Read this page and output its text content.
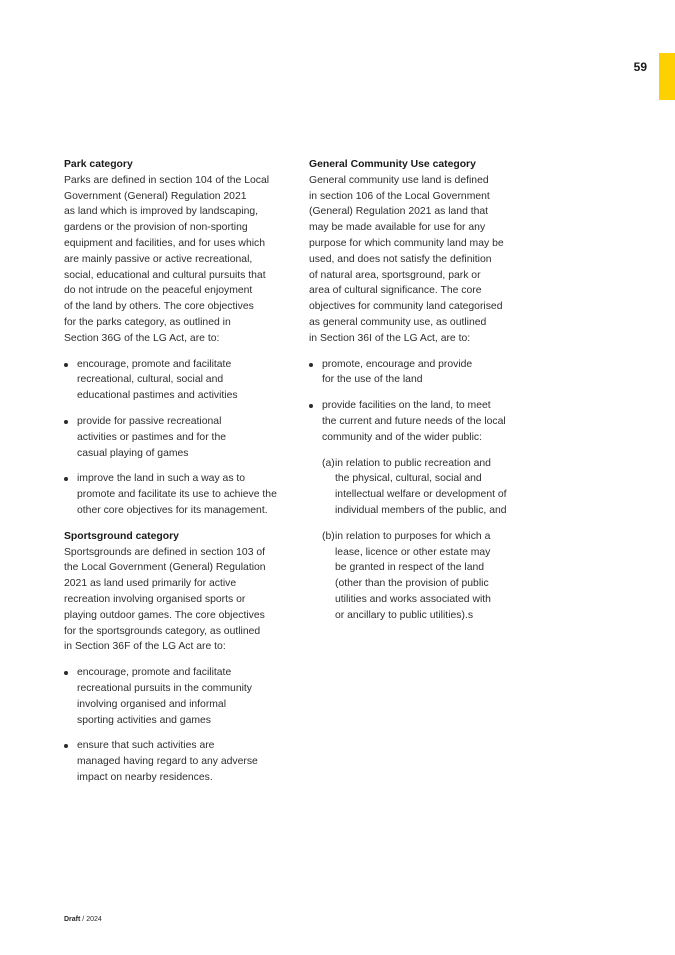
59

Park category

Parks are defined in section 104 of the Local
Government (General) Regulation 2021
as land which is improved by landscaping,
gardens or the provision of non-sporting
equipment and facilities, and for uses which
are mainly passive or active recreational,
social, educational and cultural pursuits that
do not intrude on the peaceful enjoyment
of the land by others. The core objectives
for the parks category, as outlined in
Section 36G of the LG Act, are to:

encourage, promote and facilitate
recreational, cultural, social and
educational pastimes and activities
provide for passive recreational
activities or pastimes and for the
casual playing of games
improve the land in such a way as to
promote and facilitate its use to achieve the
other core objectives for its management.

Sportsground category

Sportsgrounds are defined in section 103 of
the Local Government (General) Regulation
2021 as land used primarily for active
recreation involving organised sports or
playing outdoor games. The core objectives
for the sportsgrounds category, as outlined
in Section 36F of the LG Act are to:

encourage, promote and facilitate
recreational pursuits in the community
involving organised and informal
sporting activities and games
ensure that such activities are
managed having regard to any adverse
impact on nearby residences.

General Community Use category

General community use land is defined
in section 106 of the Local Government
(General) Regulation 2021 as land that
may be made available for use for any
purpose for which community land may be
used, and does not satisfy the definition
of natural area, sportsground, park or
area of cultural significance. The core
objectives for community land categorised
as general community use, as outlined
in Section 36I of the LG Act, are to:

promote, encourage and provide
for the use of the land
provide facilities on the land, to meet
the current and future needs of the local
community and of the wider public:
(a) in relation to public recreation and
the physical, cultural, social and
intellectual welfare or development of
individual members of the public, and
(b) in relation to purposes for which a
lease, licence or other estate may
be granted in respect of the land
(other than the provision of public
utilities and works associated with
or ancillary to public utilities).s
Draft / 2024
